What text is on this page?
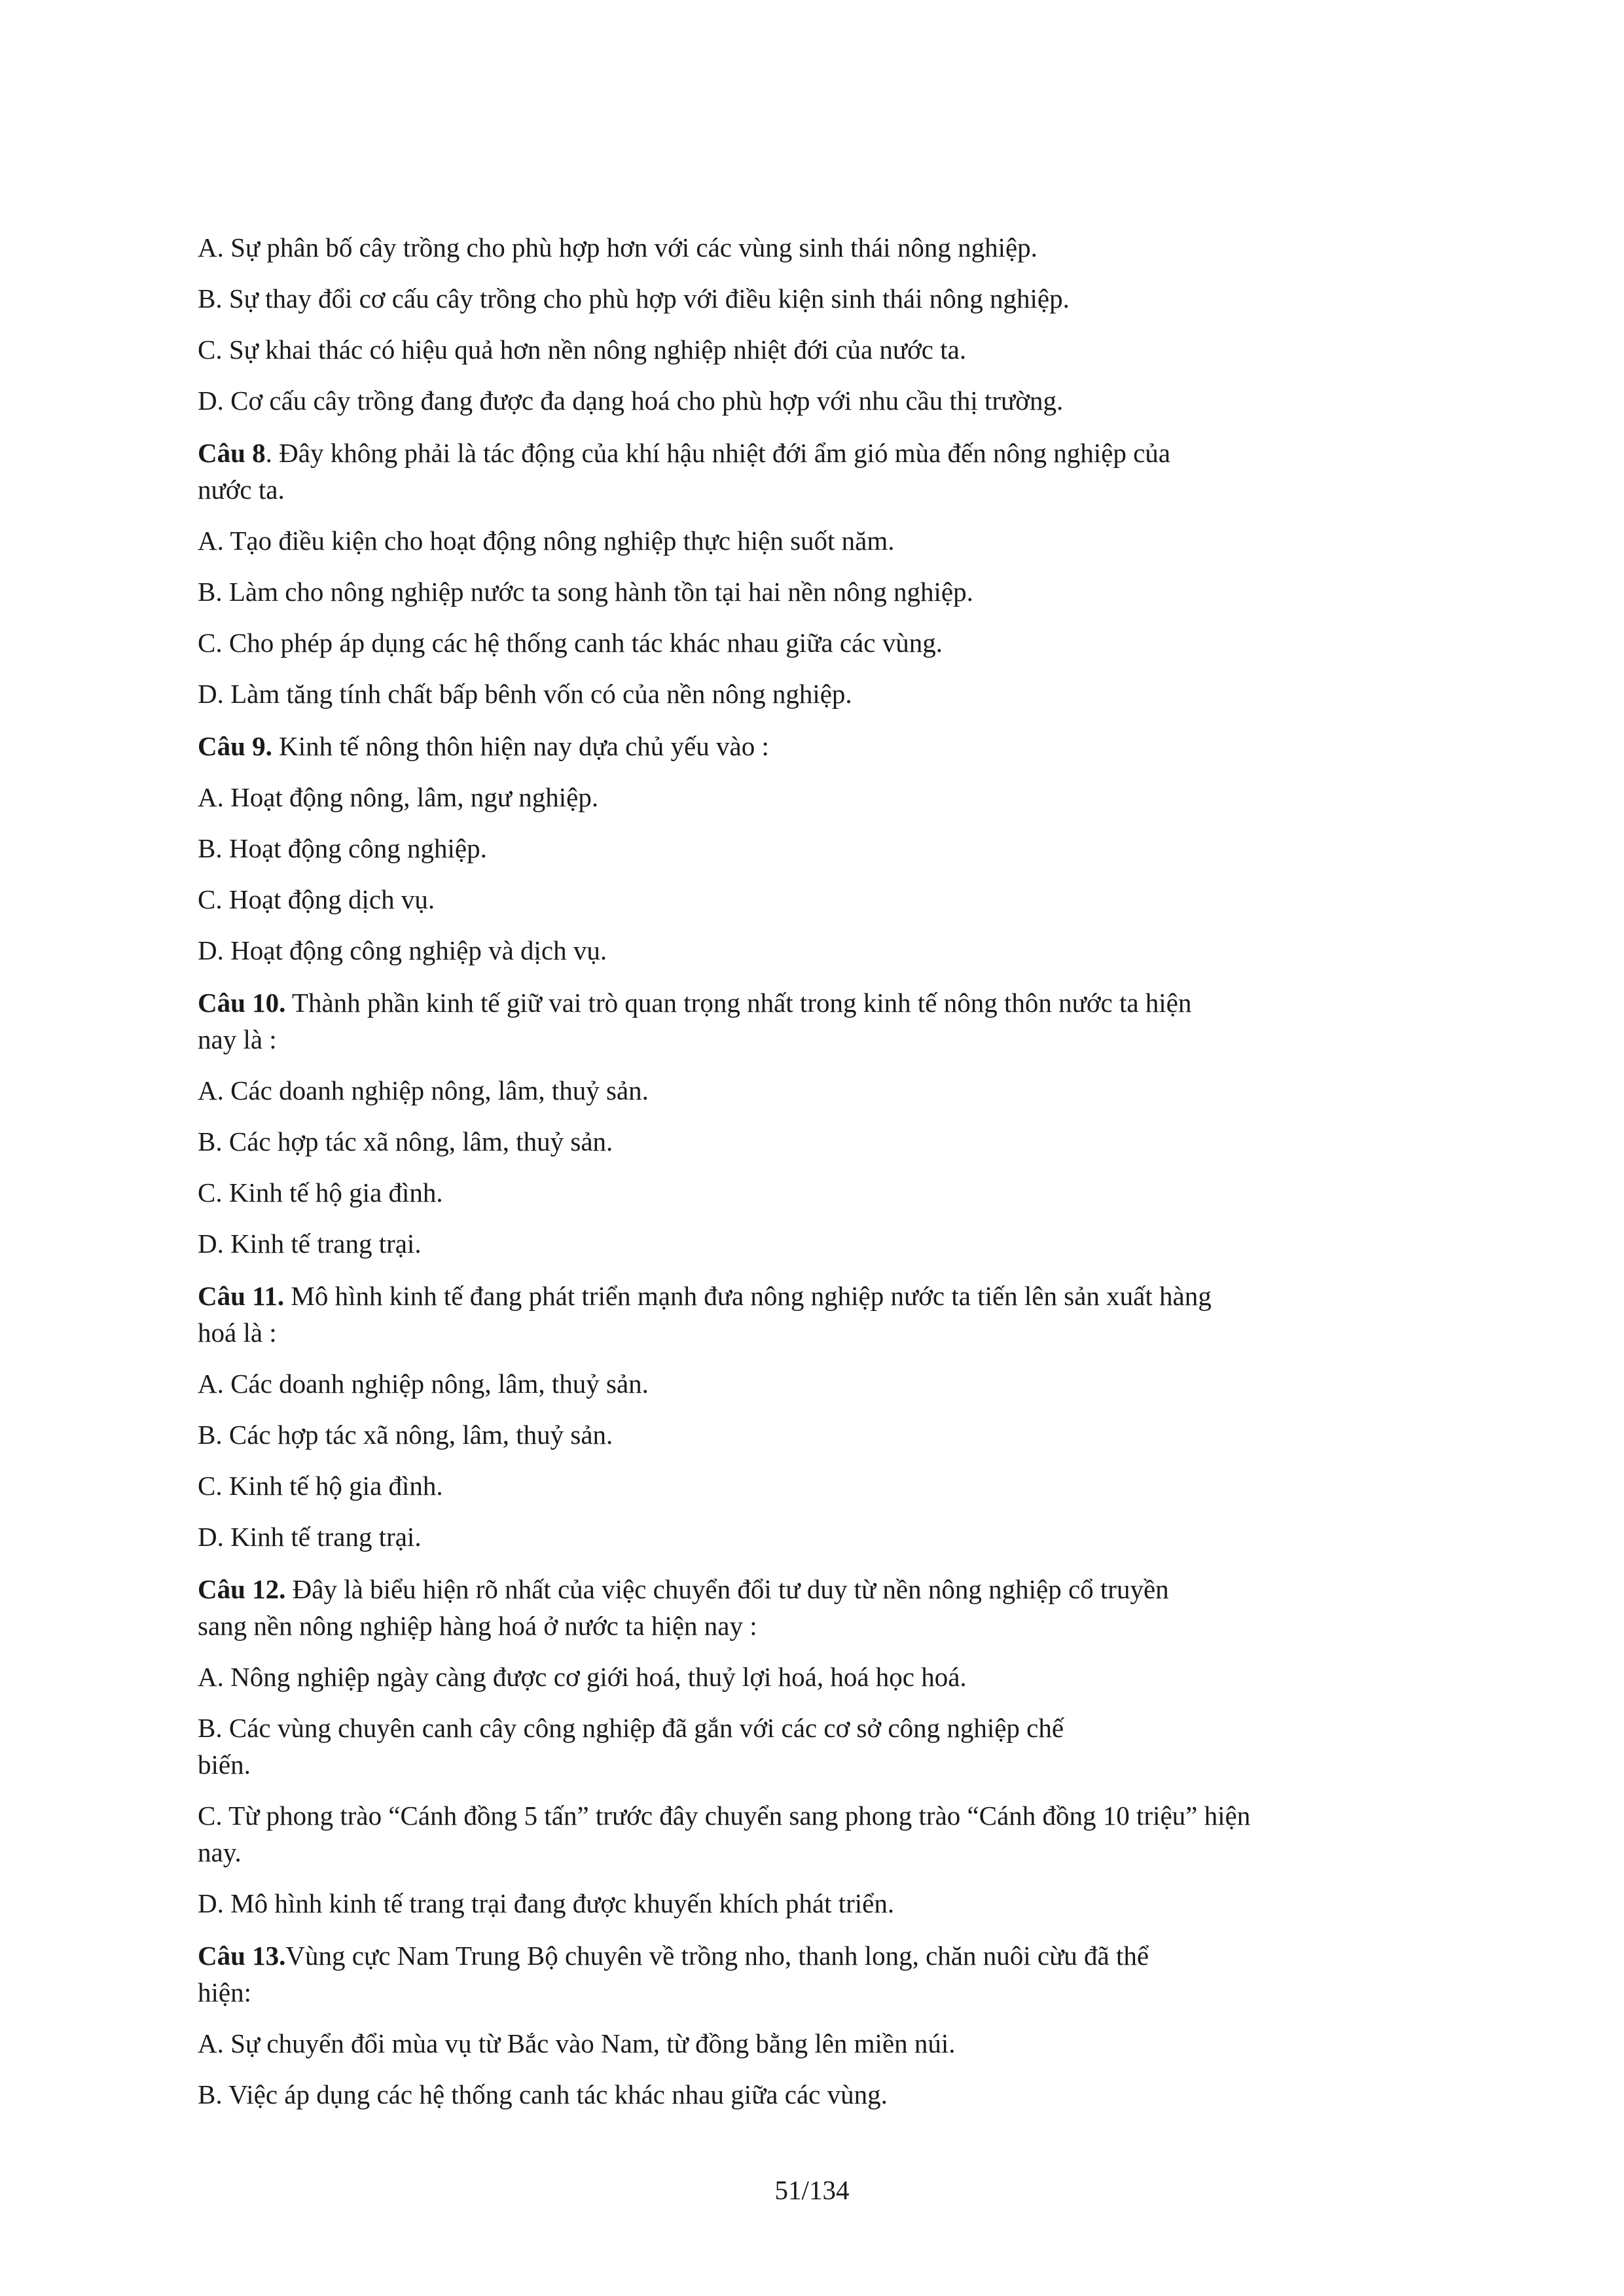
A. Sự phân bố cây trồng cho phù hợp hơn với các vùng sinh thái nông nghiệp.
B. Sự thay đổi cơ cấu cây trồng cho phù hợp với điều kiện sinh thái nông nghiệp.
C. Sự khai thác có hiệu quả hơn nền nông nghiệp nhiệt đới của nước ta.
D. Cơ cấu cây trồng đang được đa dạng hoá cho phù hợp với nhu cầu thị trường.
Câu 8. Đây không phải là tác động của khí hậu nhiệt đới ẩm gió mùa đến nông nghiệp của
nước ta.
A. Tạo điều kiện cho hoạt động nông nghiệp thực hiện suốt năm.
B. Làm cho nông nghiệp nước ta song hành tồn tại hai nền nông nghiệp.
C. Cho phép áp dụng các hệ thống canh tác khác nhau giữa các vùng.
D. Làm tăng tính chất bấp bênh vốn có của nền nông nghiệp.
Câu 9. Kinh tế nông thôn hiện nay dựa chủ yếu vào :
A. Hoạt động nông, lâm, ngư nghiệp.
B. Hoạt động công nghiệp.
C. Hoạt động dịch vụ.
D. Hoạt động công nghiệp và dịch vụ.
Câu 10. Thành phần kinh tế giữ vai trò quan trọng nhất trong kinh tế nông thôn nước ta hiện
nay là :
A. Các doanh nghiệp nông, lâm, thuỷ sản.
B. Các hợp tác xã nông, lâm, thuỷ sản.
C. Kinh tế hộ gia đình.
D. Kinh tế trang trại.
Câu 11. Mô hình kinh tế đang phát triển mạnh đưa nông nghiệp nước ta tiến lên sản xuất hàng
hoá là :
A. Các doanh nghiệp nông, lâm, thuỷ sản.
B. Các hợp tác xã nông, lâm, thuỷ sản.
C. Kinh tế hộ gia đình.
D. Kinh tế trang trại.
Câu 12. Đây là biểu hiện rõ nhất của việc chuyển đổi tư duy từ nền nông nghiệp cổ truyền
sang nền nông nghiệp hàng hoá ở nước ta hiện nay :
A. Nông nghiệp ngày càng được cơ giới hoá, thuỷ lợi hoá, hoá học hoá.
B. Các vùng chuyên canh cây công nghiệp đã gắn với các cơ sở công nghiệp chế
biến.
C. Từ phong trào “Cánh đồng 5 tấn” trước đây chuyển sang phong trào “Cánh đồng 10 triệu” hiện
nay.
D. Mô hình kinh tế trang trại đang được khuyến khích phát triển.
Câu 13.Vùng cực Nam Trung Bộ chuyên về trồng nho, thanh long, chăn nuôi cừu đã thể
hiện:
A. Sự chuyển đổi mùa vụ từ Bắc vào Nam, từ đồng bằng lên miền núi.
B. Việc áp dụng các hệ thống canh tác khác nhau giữa các vùng.
51/134
